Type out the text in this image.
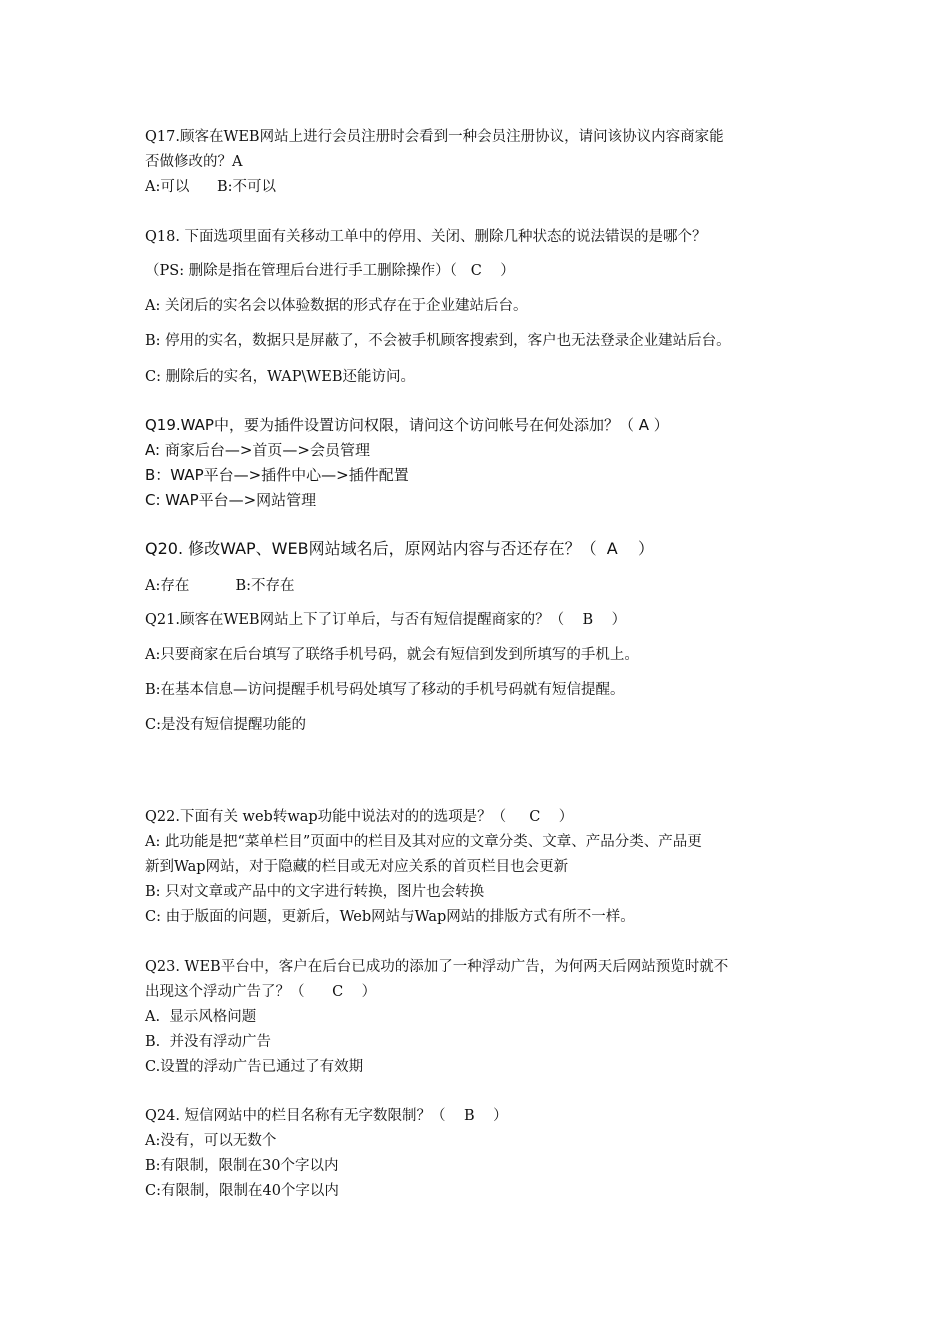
Q17.顾客在WEB网站上进行会员注册时会看到一种会员注册协议，请问该协议内容商家能
否做修改的？A
A:可以      B:不可以
Q18. 下面选项里面有关移动工单中的停用、关闭、删除几种状态的说法错误的是哪个？
（PS: 删除是指在管理后台进行手工删除操作）（   C    ）
A: 关闭后的实名会以体验数据的形式存在于企业建站后台。
B: 停用的实名，数据只是屏蔽了，不会被手机顾客搜索到，客户也无法登录企业建站后台。
C: 删除后的实名，WAP\WEB还能访问。
Q19.WAP中，要为插件设置访问权限，请问这个访问帐号在何处添加？（ A ）
A: 商家后台—>首页—>会员管理
B：WAP平台—>插件中心—>插件配置
C: WAP平台—>网站管理
Q20. 修改WAP、WEB网站域名后，原网站内容与否还存在？（  A    ）
A:存在          B:不存在
Q21.顾客在WEB网站上下了订单后，与否有短信提醒商家的？（    B    ）
A:只要商家在后台填写了联络手机号码，就会有短信到发到所填写的手机上。
B:在基本信息—访问提醒手机号码处填写了移动的手机号码就有短信提醒。
C:是没有短信提醒功能的
Q22.下面有关 web转wap功能中说法对的的选项是？（     C    ）
A: 此功能是把“菜单栏目”页面中的栏目及其对应的文章分类、文章、产品分类、产品更
新到Wap网站，对于隐藏的栏目或无对应关系的首页栏目也会更新
B: 只对文章或产品中的文字进行转换，图片也会转换
C: 由于版面的问题，更新后，Web网站与Wap网站的排版方式有所不一样。
Q23. WEB平台中，客户在后台已成功的添加了一种浮动广告，为何两天后网站预览时就不
出现这个浮动广告了？（      C    ）
A.  显示风格问题
B.  并没有浮动广告
C.设置的浮动广告已通过了有效期
Q24. 短信网站中的栏目名称有无字数限制？（    B    ）
A:没有，可以无数个
B:有限制，限制在30个字以内
C:有限制，限制在40个字以内
